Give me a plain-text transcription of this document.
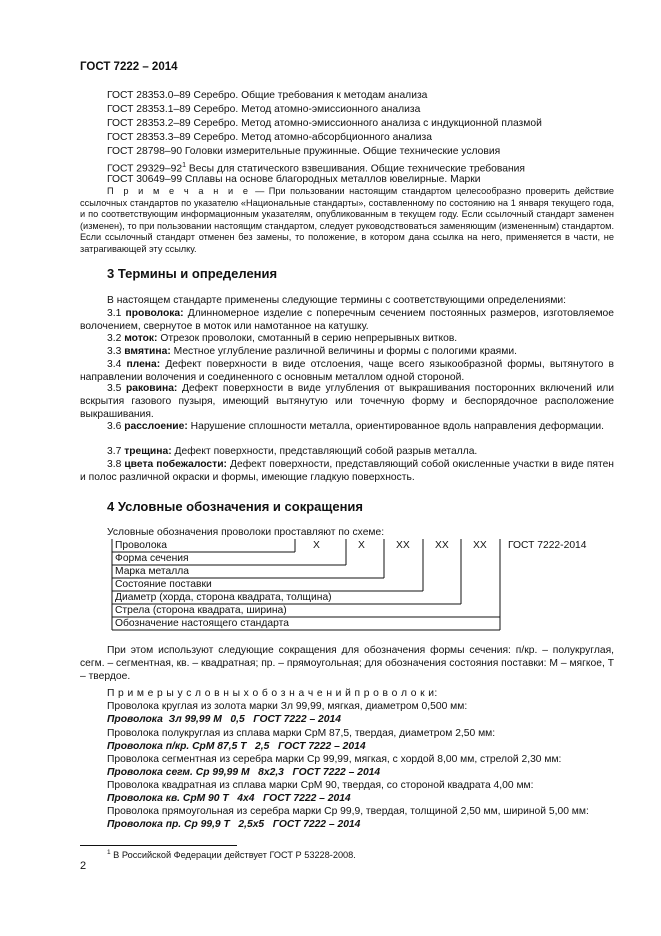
ГОСТ 7222 – 2014
ГОСТ 28353.0–89 Серебро. Общие требования к методам анализа
ГОСТ 28353.1–89 Серебро. Метод атомно-эмиссионного анализа
ГОСТ 28353.2–89 Серебро. Метод атомно-эмиссионного анализа с индукционной плазмой
ГОСТ 28353.3–89 Серебро. Метод атомно-абсорбционного анализа
ГОСТ 28798–90 Головки измерительные пружинные. Общие технические условия
ГОСТ $29329-92^1$ Весы для статического взвешивания. Общие технические требования
ГОСТ 30649–99 Сплавы на основе благородных металлов ювелирные. Марки
П р и м е ч а н и е — При пользовании настоящим стандартом целесообразно проверить действие ссылочных стандартов по указателю «Национальные стандарты», составленному по состоянию на 1 января текущего года, и по соответствующим информационным указателям, опубликованным в текущем году. Если ссылочный стандарт заменен (изменен), то при пользовании настоящим стандартом, следует руководствоваться заменяющим (измененным) стандартом. Если ссылочный стандарт отменен без замены, то положение, в котором дана ссылка на него, применяется в части, не затрагивающей эту ссылку.
3 Термины и определения
В настоящем стандарте применены следующие термины с соответствующими определениями:
3.1 проволока: Длинномерное изделие с поперечным сечением постоянных размеров, изготовляемое волочением, свернутое в моток или намотанное на катушку.
3.2 моток: Отрезок проволоки, смотанный в серию непрерывных витков.
3.3 вмятина: Местное углубление различной величины и формы с пологими краями.
3.4 плена: Дефект поверхности в виде отслоения, чаще всего языкообразной формы, вытянутого в направлении волочения и соединенного с основным металлом одной стороной.
3.5 раковина: Дефект поверхности в виде углубления от выкрашивания посторонних включений или вскрытия газового пузыря, имеющий вытянутую или точечную форму и беспорядочное расположение выкрашивания.
3.6 расслоение: Нарушение сплошности металла, ориентированное вдоль направления деформации.
3.7 трещина: Дефект поверхности, представляющий собой разрыв металла.
3.8 цвета побежалости: Дефект поверхности, представляющий собой окисленные участки в виде пятен и полос различной окраски и формы, имеющие гладкую поверхность.
4 Условные обозначения и сокращения
Условные обозначения проволоки проставляют по схеме:
Проволока	Х	Х	ХХ ХХ ХХ ГОСТ 7222-2014
Форма сечения
Марка металла
Состояние поставки
Диаметр (хорда, сторона квадрата, толщина)
Стрела (сторона квадрата, ширина)
Обозначение настоящего стандарта
При этом используют следующие сокращения для обозначения формы сечения: п/кр. – полукруглая, сегм. – сегментная, кв. – квадратная; пр. – прямоугольная; для обозначения состояния поставки: М – мягкое, Т – твердое.
П р и м е р ы у с л о в н ы х о б о з н а ч е н и й п р о в о л о к и:
Проволока круглая из золота марки Зл 99,99, мягкая, диаметром 0,500 мм:
Проволока  Зл 99,99 М   0,5   ГОСТ 7222 – 2014
Проволока полукруглая из сплава марки СрМ 87,5, твердая, диаметром 2,50 мм:
Проволока п/кр. СрМ 87,5 Т   2,5   ГОСТ 7222 – 2014
Проволока сегментная из серебра марки Ср 99,99, мягкая, с хордой 8,00 мм, стрелой 2,30 мм:
Проволока сегм. Ср 99,99 М   8х2,3   ГОСТ 7222 – 2014
Проволока квадратная из сплава марки СрМ 90, твердая, со стороной квадрата 4,00 мм:
Проволока кв. СрМ 90 Т   4х4   ГОСТ 7222 – 2014
Проволока прямоугольная из серебра марки Ср 99,9, твердая, толщиной 2,50 мм, шириной 5,00 мм:
Проволока пр. Ср 99,9 Т   2,5х5   ГОСТ 7222 – 2014
$^1$ В Российской Федерации действует ГОСТ Р 53228-2008.
2
